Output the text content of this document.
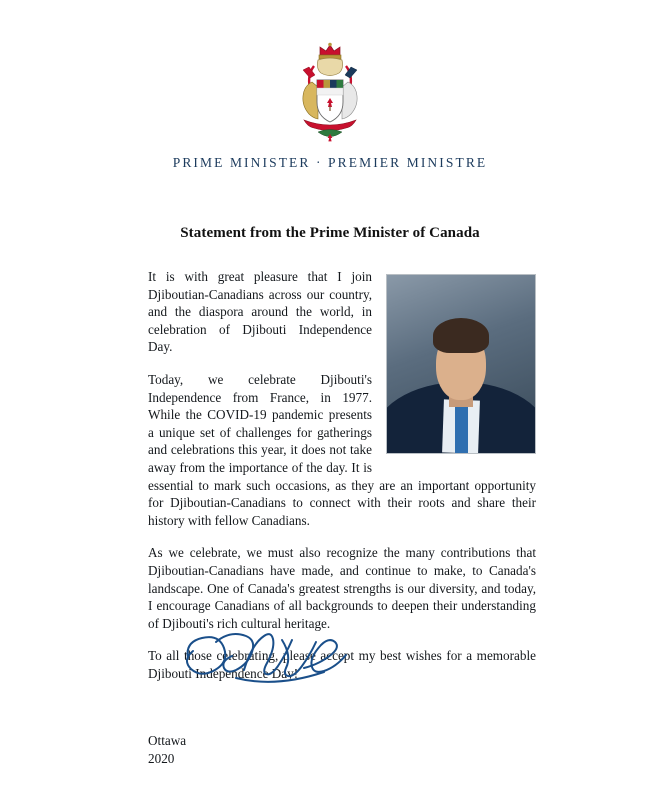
PRIME MINISTER · PREMIER MINISTRE
Statement from the Prime Minister of Canada

It is with great pleasure that I join Djiboutian-Canadians across our country, and the diaspora around the world, in celebration of Djibouti Independence Day.

Today, we celebrate Djibouti's Independence from France, in 1977. While the COVID-19 pandemic presents a unique set of challenges for gatherings and celebrations this year, it does not take away from the importance of the day. It is essential to mark such occasions, as they are an important opportunity for Djiboutian-Canadians to connect with their roots and share their history with fellow Canadians.

As we celebrate, we must also recognize the many contributions that Djiboutian-Canadians have made, and continue to make, to Canada's landscape. One of Canada's greatest strengths is our diversity, and today, I encourage Canadians of all backgrounds to deepen their understanding of Djibouti's rich cultural heritage.

To all those celebrating, please accept my best wishes for a memorable Djibouti Independence Day!

Ottawa
2020
